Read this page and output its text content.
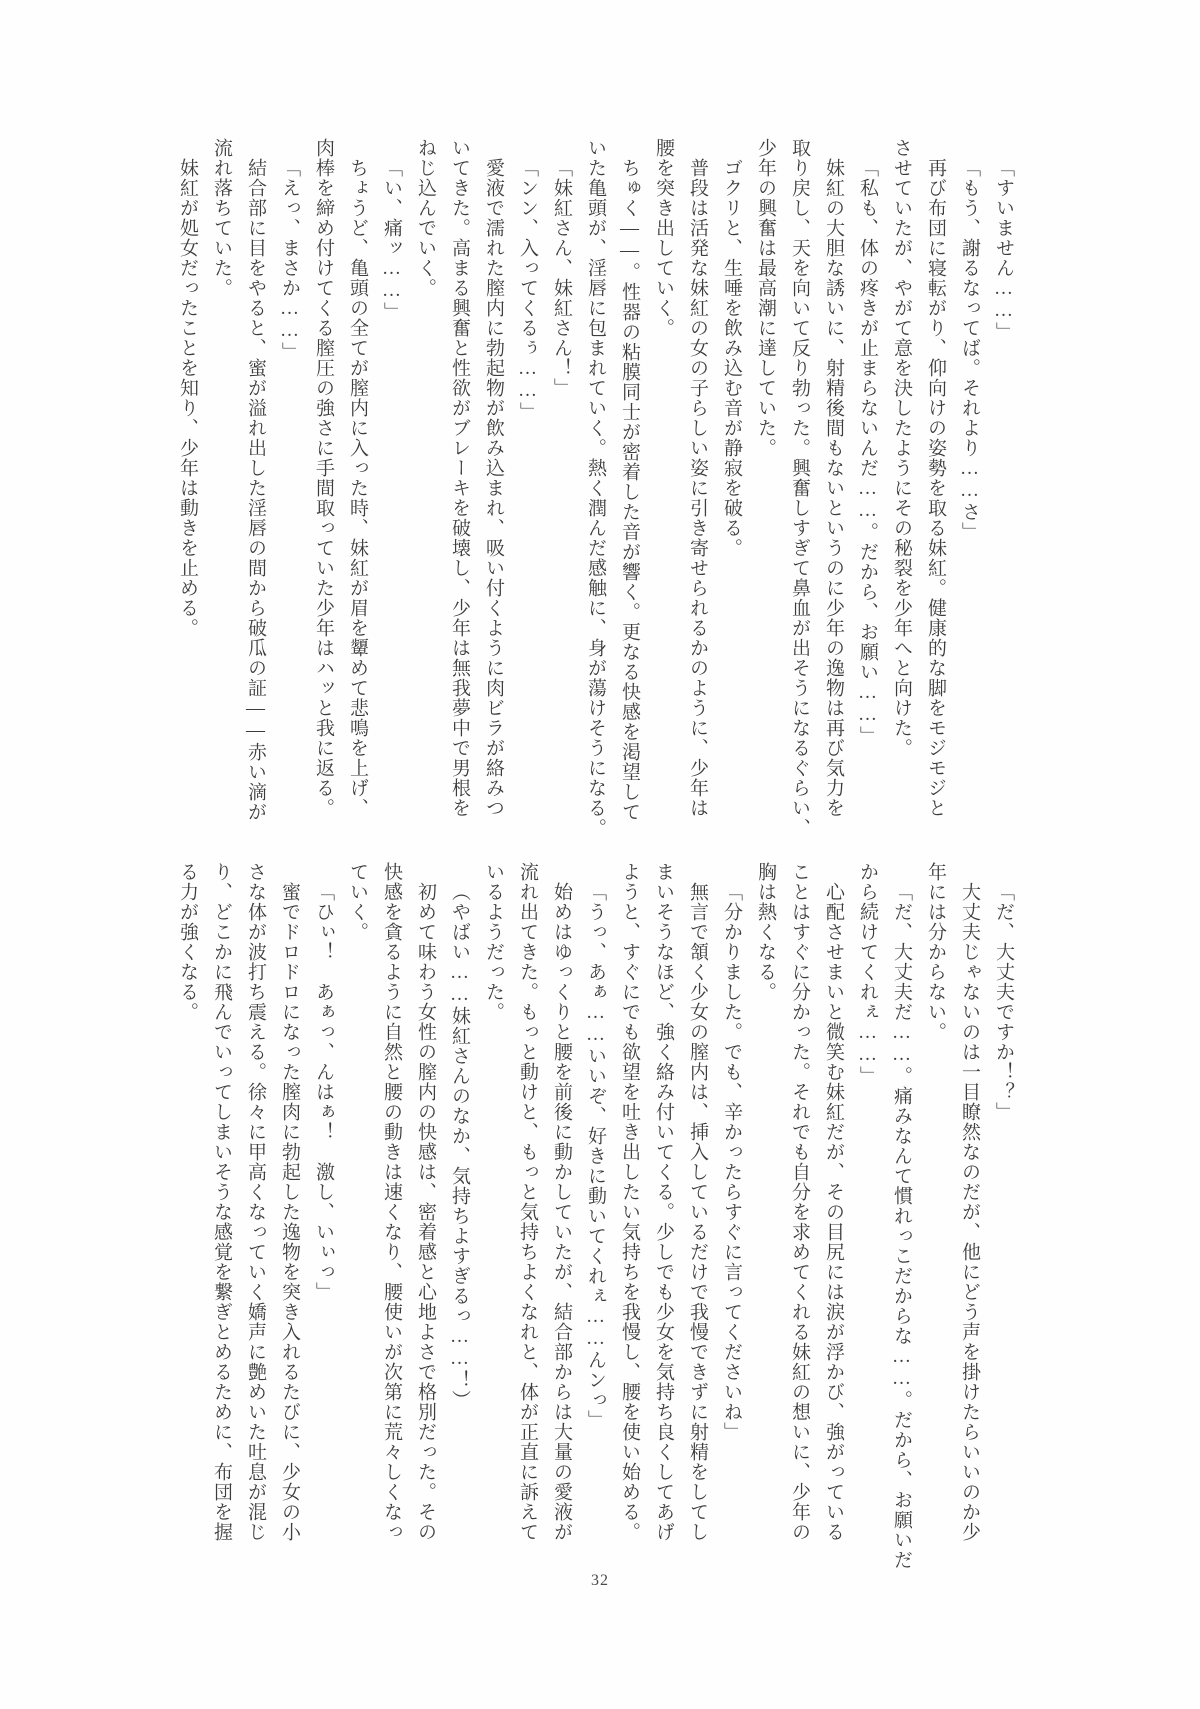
「すいません……」
「もう、謝るなってば。それより……さ」
再び布団に寝転がり、仰向けの姿勢を取る妹紅。健康的な脚をモジモジと
させていたが、やがて意を決したようにその秘裂を少年へと向けた。
「私も、体の疼きが止まらないんだ……。だから、お願い……」
妹紅の大胆な誘いに、射精後間もないというのに少年の逸物は再び気力を
取り戻し、天を向いて反り勃った。興奮しすぎて鼻血が出そうになるぐらい、
少年の興奮は最高潮に達していた。
ゴクリと、生唾を飲み込む音が静寂を破る。
普段は活発な妹紅の女の子らしい姿に引き寄せられるかのように、少年は
腰を突き出していく。
ちゅく――。性器の粘膜同士が密着した音が響く。更なる快感を渇望して
いた亀頭が、淫唇に包まれていく。熱く潤んだ感触に、身が蕩けそうになる。
「妹紅さん、妹紅さん！」
「ンン、入ってくるぅ……」
愛液で濡れた膣内に勃起物が飲み込まれ、吸い付くように肉ビラが絡みつ
いてきた。高まる興奮と性欲がブレーキを破壊し、少年は無我夢中で男根を
ねじ込んでいく。
「い、痛ッ……」
ちょうど、亀頭の全てが膣内に入った時、妹紅が眉を顰めて悲鳴を上げ、
肉棒を締め付けてくる膣圧の強さに手間取っていた少年はハッと我に返る。
「えっ、まさか……」
結合部に目をやると、蜜が溢れ出した淫唇の間から破瓜の証――赤い滴が
流れ落ちていた。
妹紅が処女だったことを知り、少年は動きを止める。
「だ、大丈夫ですか！？」
大丈夫じゃないのは一目瞭然なのだが、他にどう声を掛けたらいいのか少
年には分からない。
「だ、大丈夫だ……。痛みなんて慣れっこだからな……。だから、お願いだ
から続けてくれぇ……」
心配させまいと微笑む妹紅だが、その目尻には涙が浮かび、強がっている
ことはすぐに分かった。それでも自分を求めてくれる妹紅の想いに、少年の
胸は熱くなる。
「分かりました。でも、辛かったらすぐに言ってくださいね」
無言で頷く少女の膣内は、挿入しているだけで我慢できずに射精をしてし
まいそうなほど、強く絡み付いてくる。少しでも少女を気持ち良くしてあげ
ようと、すぐにでも欲望を吐き出したい気持ちを我慢し、腰を使い始める。
「うっ、あぁ……いいぞ、好きに動いてくれぇ……んンっ」
始めはゆっくりと腰を前後に動かしていたが、結合部からは大量の愛液が
流れ出てきた。もっと動けと、もっと気持ちよくなれと、体が正直に訴えて
いるようだった。
（やばい……妹紅さんのなか、気持ちよすぎるっ……！）
初めて味わう女性の膣内の快感は、密着感と心地よさで格別だった。その
快感を貪るように自然と腰の動きは速くなり、腰使いが次第に荒々しくなっ
ていく。
「ひぃ！　あぁっ、んはぁ！　激し、いぃっ」
蜜でドロドロになった膣肉に勃起した逸物を突き入れるたびに、少女の小
さな体が波打ち震える。徐々に甲高くなっていく嬌声に艶めいた吐息が混じ
り、どこかに飛んでいってしまいそうな感覚を繋ぎとめるために、布団を握
る力が強くなる。
32
